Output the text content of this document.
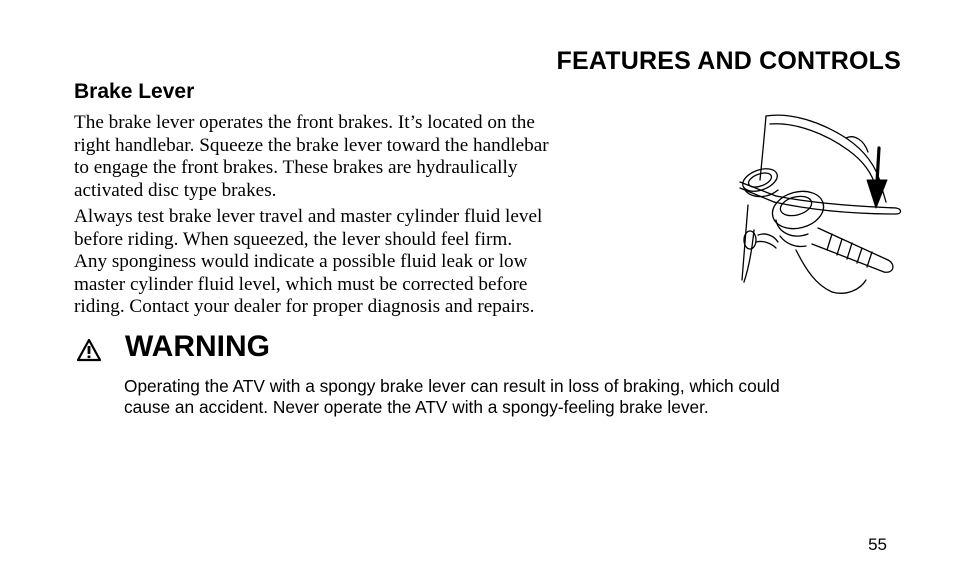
FEATURES AND CONTROLS
Brake Lever

The brake lever operates the front brakes. It’s located on the
right handlebar. Squeeze the brake lever toward the handlebar
to engage the front brakes. These brakes are hydraulically
activated disc type brakes.

Always test brake lever travel and master cylinder fluid level
before riding. When squeezed, the lever should feel firm.
Any sponginess would indicate a possible fluid leak or low
master cylinder fluid level, which must be corrected before
riding. Contact your dealer for proper diagnosis and repairs.

WARNING

Operating the ATV with a spongy brake lever can result in loss of braking, which could
cause an accident. Never operate the ATV with a spongy-feeling brake lever.

55
